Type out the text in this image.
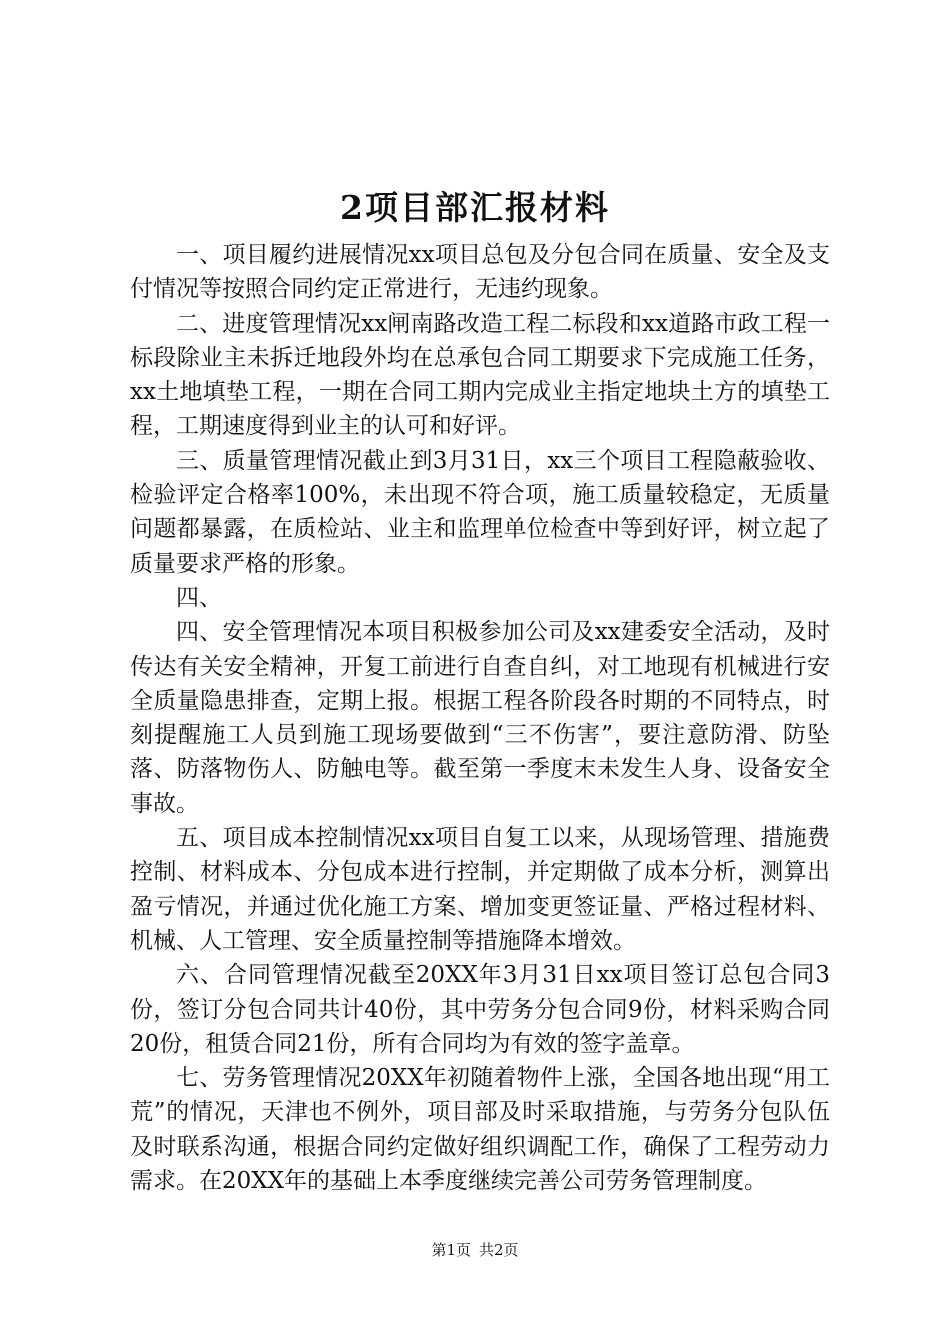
2项目部汇报材料

一、项目履约进展情况xx项目总包及分包合同在质量、安全及支付情况等按照合同约定正常进行，无违约现象。

二、进度管理情况xx闸南路改造工程二标段和xx道路市政工程一标段除业主未拆迁地段外均在总承包合同工期要求下完成施工任务，xx土地填垫工程，一期在合同工期内完成业主指定地块土方的填垫工程，工期速度得到业主的认可和好评。

三、质量管理情况截止到3月31日，xx三个项目工程隐蔽验收、检验评定合格率100%，未出现不符合项，施工质量较稳定，无质量问题都暴露，在质检站、业主和监理单位检查中等到好评，树立起了质量要求严格的形象。

四、

四、安全管理情况本项目积极参加公司及xx建委安全活动，及时传达有关安全精神，开复工前进行自查自纠，对工地现有机械进行安全质量隐患排查，定期上报。根据工程各阶段各时期的不同特点，时刻提醒施工人员到施工现场要做到“三不伤害”，要注意防滑、防坠落、防落物伤人、防触电等。截至第一季度末未发生人身、设备安全事故。

五、项目成本控制情况xx项目自复工以来，从现场管理、措施费控制、材料成本、分包成本进行控制，并定期做了成本分析，测算出盈亏情况，并通过优化施工方案、增加变更签证量、严格过程材料、机械、人工管理、安全质量控制等措施降本增效。

六、合同管理情况截至20XX年3月31日xx项目签订总包合同3份，签订分包合同共计40份，其中劳务分包合同9份，材料采购合同20份，租赁合同21份，所有合同均为有效的签字盖章。

七、劳务管理情况20XX年初随着物件上涨，全国各地出现“用工荒”的情况，天津也不例外，项目部及时采取措施，与劳务分包队伍及时联系沟通，根据合同约定做好组织调配工作，确保了工程劳动力需求。在20XX年的基础上本季度继续完善公司劳务管理制度。

第1页 共2页
